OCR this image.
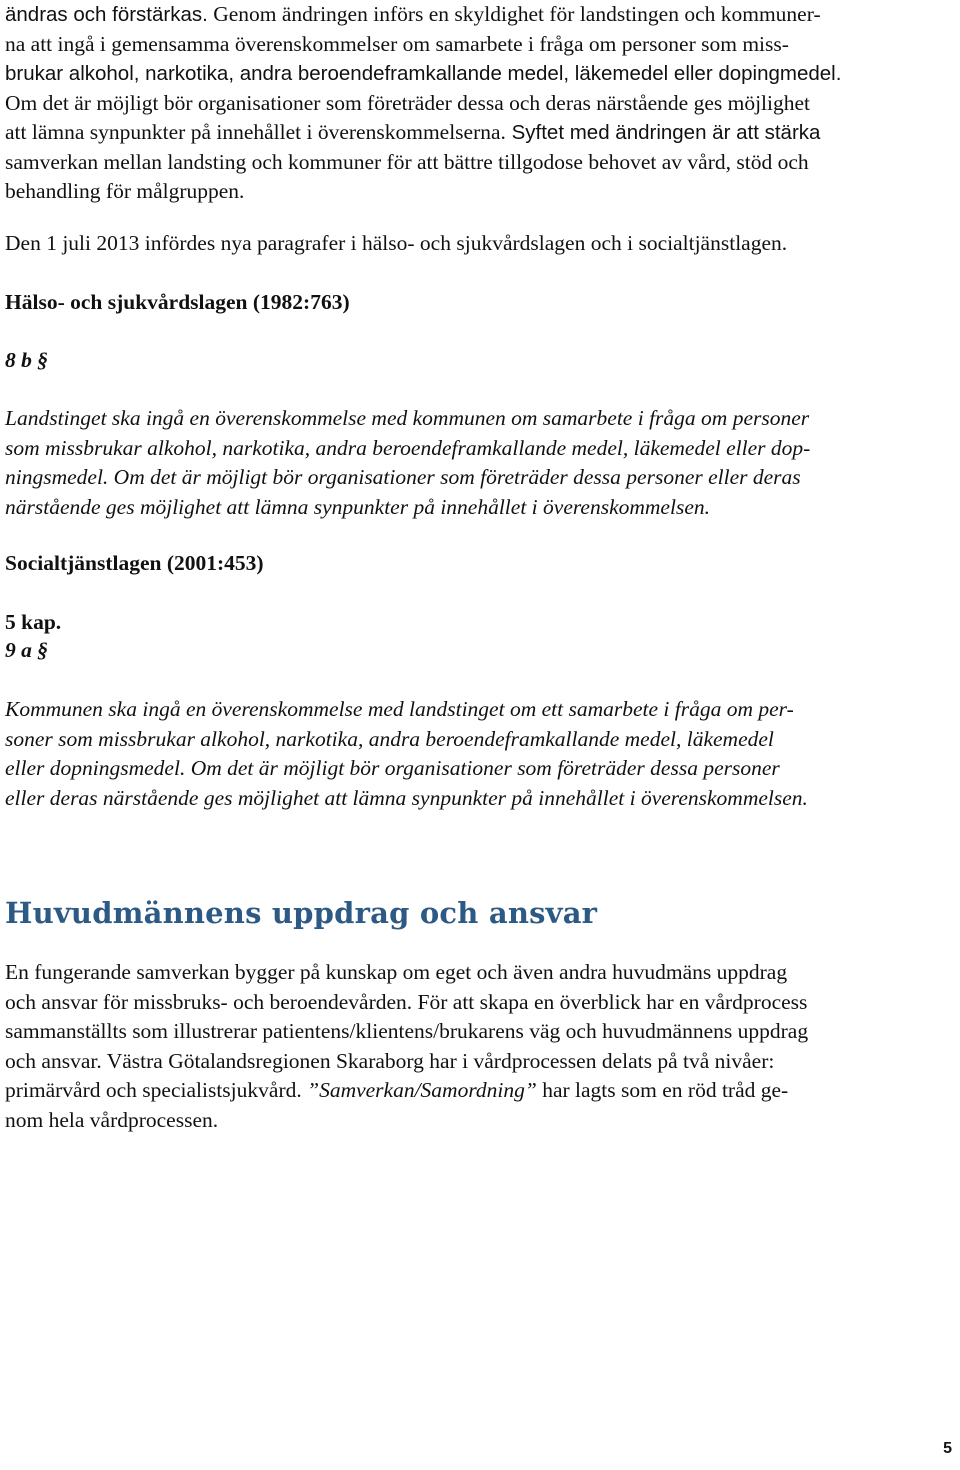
ändras och förstärkas. Genom ändringen införs en skyldighet för landstingen och kommuner-
na att ingå i gemensamma överenskommelser om samarbete i fråga om personer som miss-
brukar alkohol, narkotika, andra beroendeframkallande medel, läkemedel eller dopingmedel.
Om det är möjligt bör organisationer som företräder dessa och deras närstående ges möjlighet
att lämna synpunkter på innehållet i överenskommelserna. Syftet med ändringen är att stärka
samverkan mellan landsting och kommuner för att bättre tillgodose behovet av vård, stöd och
behandling för målgruppen.

Den 1 juli 2013 infördes nya paragrafer i hälso- och sjukvårdslagen och i socialtjänstlagen.

Hälso- och sjukvårdslagen (1982:763)

8 b §

Landstinget ska ingå en överenskommelse med kommunen om samarbete i fråga om personer
som missbrukar alkohol, narkotika, andra beroendeframkallande medel, läkemedel eller dop-
ningsmedel. Om det är möjligt bör organisationer som företräder dessa personer eller deras
närstående ges möjlighet att lämna synpunkter på innehållet i överenskommelsen.

Socialtjänstlagen (2001:453)

5 kap.

9 a §

Kommunen ska ingå en överenskommelse med landstinget om ett samarbete i fråga om per-
soner som missbrukar alkohol, narkotika, andra beroendeframkallande medel, läkemedel
eller dopningsmedel. Om det är möjligt bör organisationer som företräder dessa personer
eller deras närstående ges möjlighet att lämna synpunkter på innehållet i överenskommelsen.
Huvudmännens uppdrag och ansvar
En fungerande samverkan bygger på kunskap om eget och även andra huvudmäns uppdrag
och ansvar för missbruks- och beroendevården. För att skapa en överblick har en vårdprocess
sammanställts som illustrerar patientens/klientens/brukarens väg och huvudmännens uppdrag
och ansvar. Västra Götalandsregionen Skaraborg har i vårdprocessen delats på två nivåer:
primärvård och specialistsjukvård. ”Samverkan/Samordning” har lagts som en röd tråd ge-
nom hela vårdprocessen.
5
